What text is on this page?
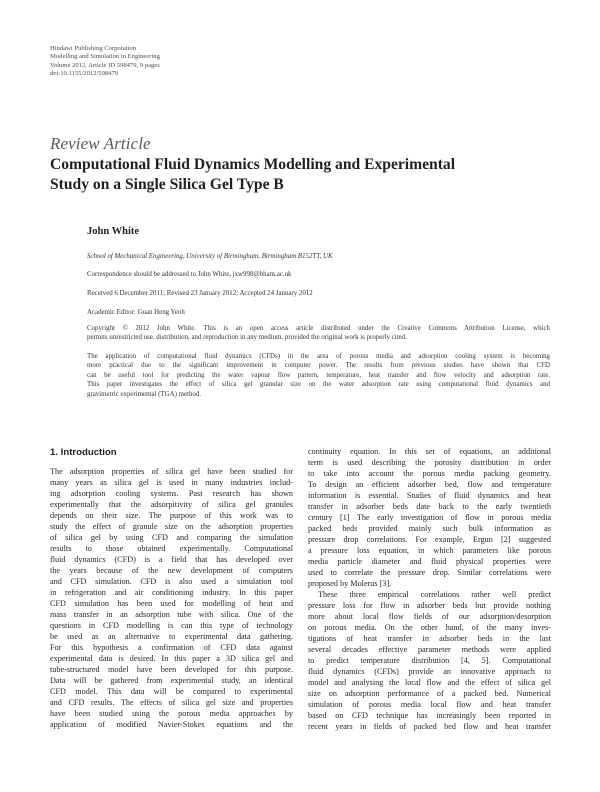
Hindawi Publishing Corporation
Modelling and Simulation in Engineering
Volume 2012, Article ID 598479, 9 pages
doi:10.1155/2012/598479
Review Article
Computational Fluid Dynamics Modelling and Experimental
Study on a Single Silica Gel Type B
John White
School of Mechanical Engineering, University of Birmingham, Birmingham B152TT, UK
Correspondence should be addressed to John White, jxw998@bham.ac.uk
Received 6 December 2011; Revised 23 January 2012; Accepted 24 January 2012
Academic Editor: Guan Heng Yeoh
Copyright © 2012 John White. This is an open access article distributed under the Creative Commons Attribution License, which
permits unrestricted use, distribution, and reproduction in any medium, provided the original work is properly cited.
The application of computational fluid dynamics (CFDs) in the area of porous media and adsorption cooling system is becoming
more practical due to the significant improvement in computer power. The results from previous studies have shown that CFD
can be useful tool for predicting the water vapour flow pattern, temperature, heat transfer and flow velocity and adsorption rate.
This paper investigates the effect of silica gel granular size on the water adsorption rate using computational fluid dynamics and
gravimetric experimental (TGA) method.
1. Introduction
The adsorption properties of silica gel have been studied for
many years as silica gel is used in many industries includ-
ing adsorption cooling systems. Past research has shown
experimentally that the adsorpitivity of silica gel granules
depends on their size. The purpose of this work was to
study the effect of granule size on the adsorption properties
of silica gel by using CFD and comparing the simulation
results to those obtained experimentally. Computational
fluid dynamics (CFD) is a field that has developed over
the years because of the new development of computers
and CFD simulation. CFD is also used a simulation tool
in refrigeration and air conditioning industry. In this paper
CFD simulation has been used for modelling of heat and
mass transfer in an adsorption tube with silica. One of the
questions in CFD modelling is can this type of technology
be used as an alternative to experimental data gathering.
For this hypothesis a confirmation of CFD data against
experimental data is desired. In this paper a 3D silica gel and
tube-structured model have been developed for this purpose.
Data will be gathered from experimental study, an identical
CFD model. This data will be compared to experimental
and CFD results. The effects of silica gel size and properties
have been studied using the porous media approaches by
application of modified Navier-Stokes equations and the
continuity equation. In this set of equations, an additional
term is used describing the porosity distribution in order
to take into account the porous media packing geometry.
To design an efficient adsorber bed, flow and temperature
information is essential. Studies of fluid dynamics and heat
transfer in adsorber beds date back to the early twentieth
century [1] The early investigation of flow in porous media
packed beds provided mainly such bulk information as
pressure drop correlations. For example, Ergun [2] suggested
a pressure loss equation, in which parameters like porous
media particle diameter and fluid physical properties were
used to correlate the pressure drop. Similar correlations were
proposed by Molerus [3].
These three empirical correlations rather well predict
pressure loss for flow in adsorber beds but provide nothing
more about local flow fields of our adsorption/desorption
on porous media. On the other hand, of the many inves-
tigations of heat transfer in adsorber beds in the last
several decades effective parameter methods were applied
to predict temperature distribution [4, 5]. Computational
fluid dynamics (CFDs) provide an innovative approach to
model and analysing the local flow and the effect of silica gel
size on adsorption performance of a packed bed. Numerical
simulation of porous media local flow and heat transfer
based on CFD technique has increasingly been reported in
recent years in fields of packed bed flow and heat transfer
